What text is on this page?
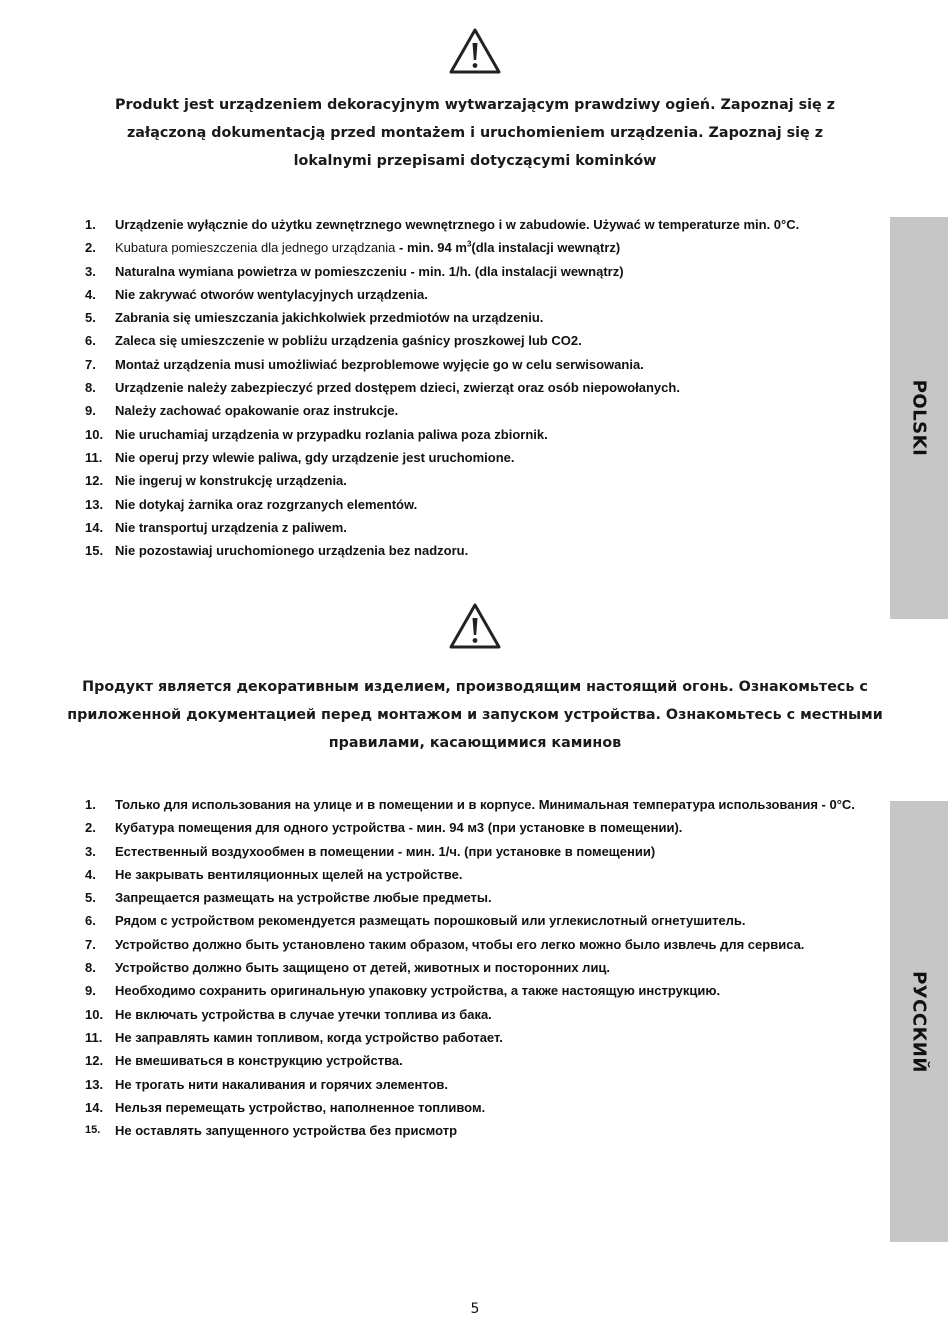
Produkt jest urządzeniem dekoracyjnym wytwarzającym prawdziwy ogień. Zapoznaj się z
załączoną dokumentacją przed montażem i uruchomieniem urządzenia. Zapoznaj się z
lokalnymi przepisami dotyczącymi kominków
1. Urządzenie wyłącznie do użytku zewnętrznego wewnętrznego i w zabudowie. Używać w temperaturze min. 0°C.
2. Kubatura pomieszczenia dla jednego urządzania - min. 94 $m^3(dla$ instalacji wewnątrz)
3. Naturalna wymiana powietrza w pomieszczeniu - min. 1/h. (dla instalacji wewnątrz)
4. Nie zakrywać otworów wentylacyjnych urządzenia.
5. Zabrania się umieszczania jakichkolwiek przedmiotów na urządzeniu.
6. Zaleca się umieszczenie w pobliżu urządzenia gaśnicy proszkowej lub CO2.
7. Montaż urządzenia musi umożliwiać bezproblemowe wyjęcie go w celu serwisowania.
8. Urządzenie należy zabezpieczyć przed dostępem dzieci, zwierząt oraz osób niepowołanych.
9. Należy zachować opakowanie oraz instrukcje.
10. Nie uruchamiaj urządzenia w przypadku rozlania paliwa poza zbiornik.
11. Nie operuj przy wlewie paliwa, gdy urządzenie jest uruchomione.
12. Nie ingeruj w konstrukcję urządzenia.
13. Nie dotykaj żarnika oraz rozgrzanych elementów.
14. Nie transportuj urządzenia z paliwem.
15. Nie pozostawiaj uruchomionego urządzenia bez nadzoru.
POLSKI
Продукт является декоративным изделием, производящим настоящий огонь. Ознакомьтесь с
приложенной документацией перед монтажом и запуском устройства. Ознакомьтесь с местными
правилами, касающимися каминов
1. Только для использования на улице и в помещении и в корпусе. Минимальная температура использования - 0°C.
2. Кубатура помещения для одного устройства - мин. 94 м3 (при установке в помещении).
3. Естественный воздухообмен в помещении - мин. 1/ч. (при установке в помещении)
4. Не закрывать вентиляционных щелей на устройстве.
5. Запрещается размещать на устройстве любые предметы.
6. Рядом с устройством рекомендуется размещать порошковый или углекислотный огнетушитель.
7. Устройство должно быть установлено таким образом, чтобы его легко можно было извлечь для сервиса.
8. Устройство должно быть защищено от детей, животных и посторонних лиц.
9. Необходимо сохранить оригинальную упаковку устройства, а также настоящую инструкцию.
10. Не включать устройства в случае утечки топлива из бака.
11. Не заправлять камин топливом, когда устройство работает.
12. Не вмешиваться в конструкцию устройства.
13. Не трогать нити накаливания и горячих элементов.
14. Нельзя перемещать устройство, наполненное топливом.
15. Не оставлять запущенного устройства без присмотр
РУССКИЙ
5
